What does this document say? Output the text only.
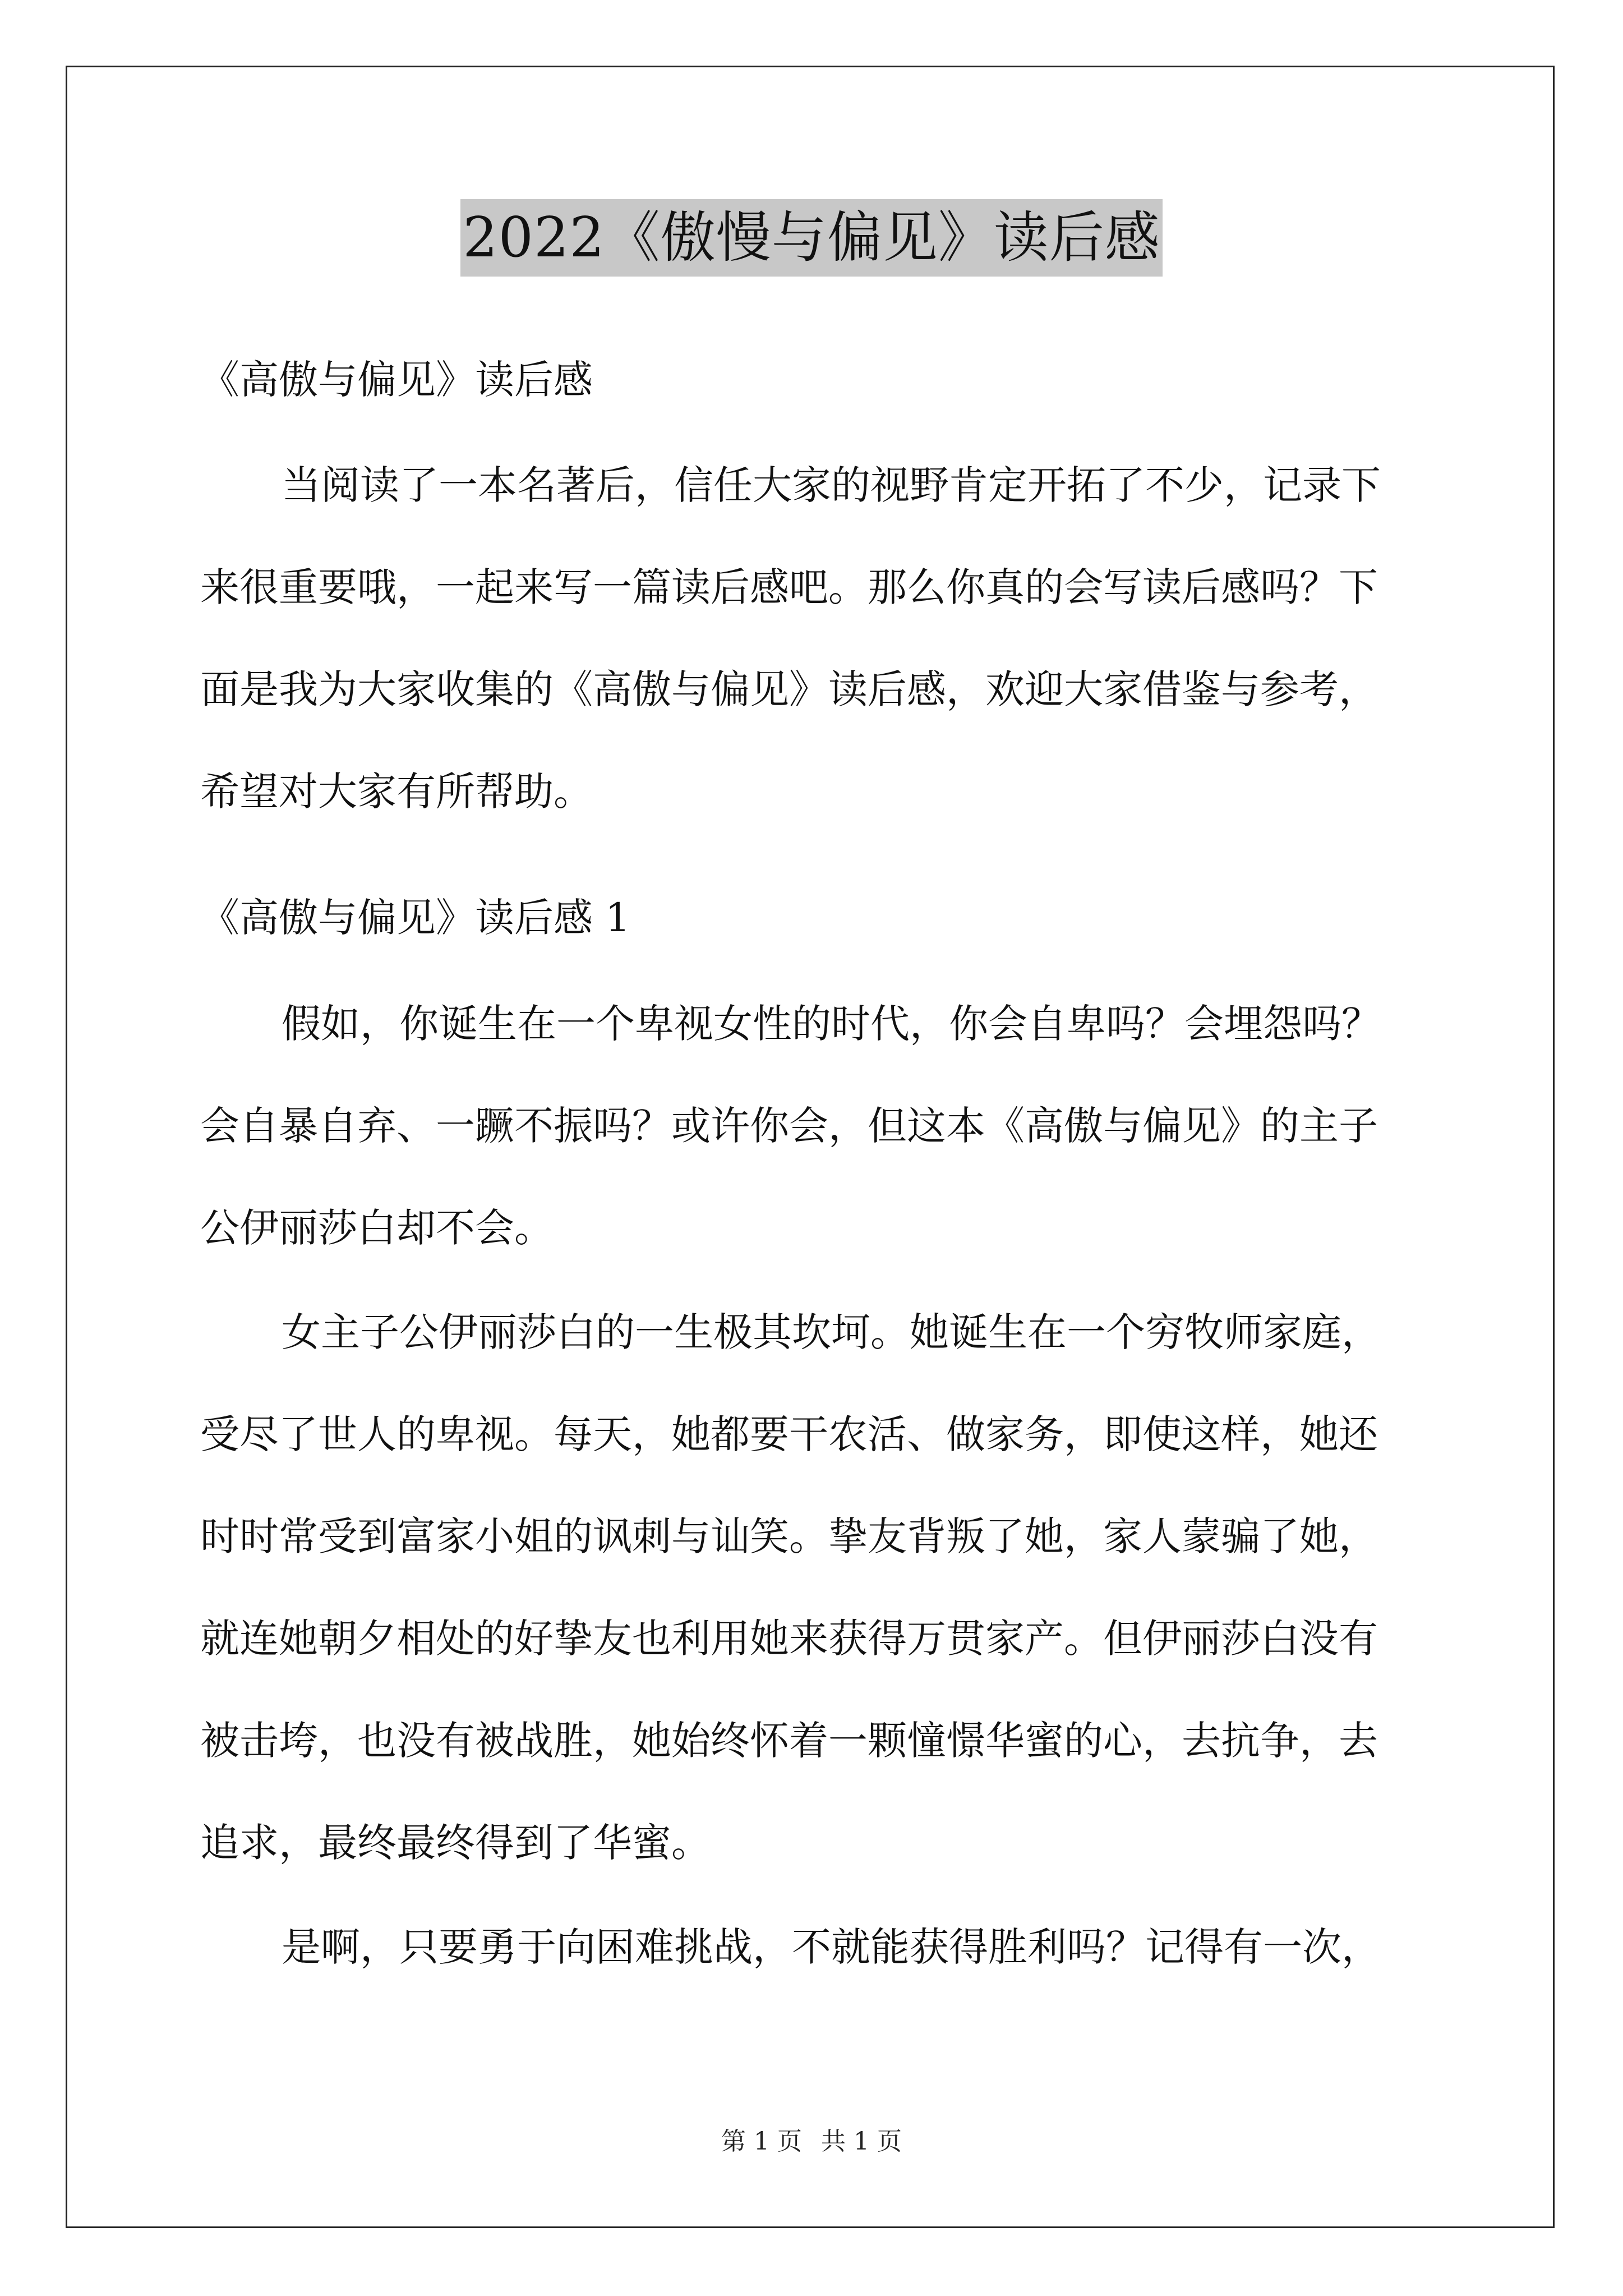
2022《傲慢与偏见》读后感

《高傲与偏见》读后感

当阅读了一本名著后，信任大家的视野肯定开拓了不少，记录下

来很重要哦，一起来写一篇读后感吧。那么你真的会写读后感吗？下

面是我为大家收集的《高傲与偏见》读后感，欢迎大家借鉴与参考，

希望对大家有所帮助。

《高傲与偏见》读后感 1

假如，你诞生在一个卑视女性的时代，你会自卑吗？会埋怨吗？

会自暴自弃、一蹶不振吗？或许你会，但这本《高傲与偏见》的主子

公伊丽莎白却不会。

女主子公伊丽莎白的一生极其坎坷。她诞生在一个穷牧师家庭，

受尽了世人的卑视。每天，她都要干农活、做家务，即使这样，她还

时时常受到富家小姐的讽刺与讪笑。挚友背叛了她，家人蒙骗了她，

就连她朝夕相处的好挚友也利用她来获得万贯家产。但伊丽莎白没有

被击垮，也没有被战胜，她始终怀着一颗憧憬华蜜的心，去抗争，去

追求，最终最终得到了华蜜。

是啊，只要勇于向困难挑战，不就能获得胜利吗？记得有一次，

第 1 页 共 1 页
